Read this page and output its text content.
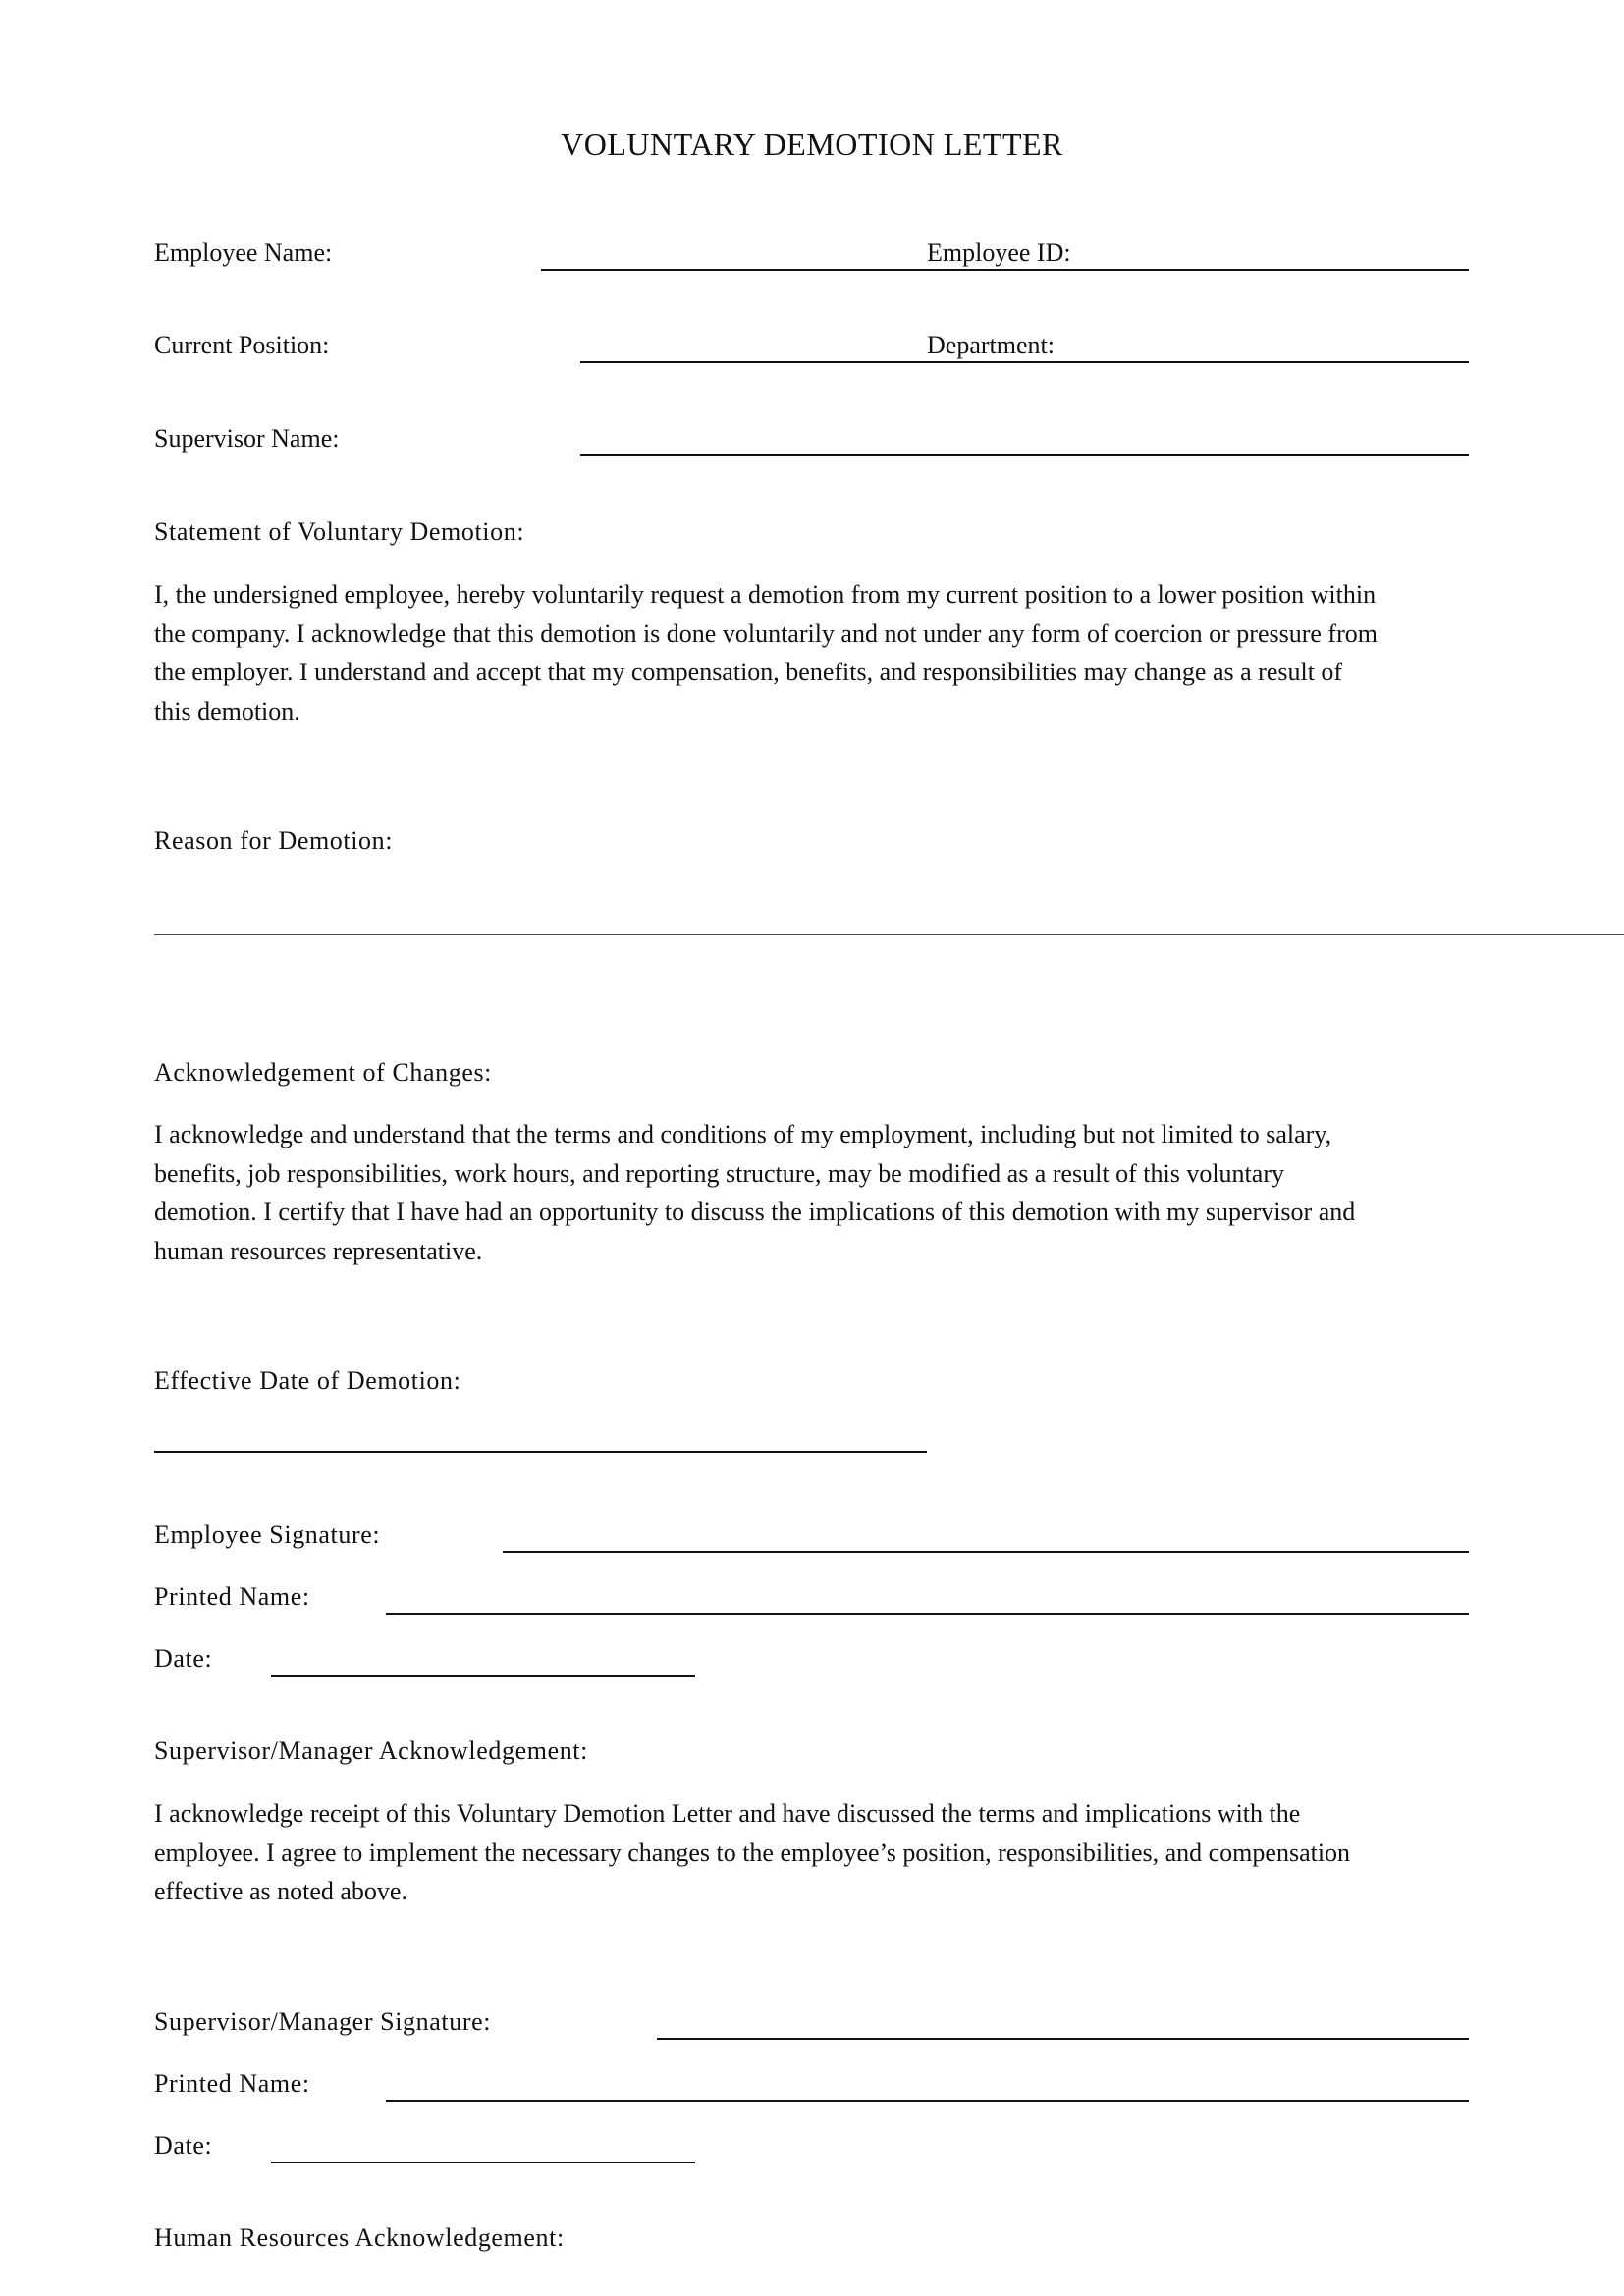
VOLUNTARY DEMOTION LETTER
Employee Name:	Employee ID:
Current Position:	Department:
Supervisor Name:
Statement of Voluntary Demotion:
I, the undersigned employee, hereby voluntarily request a demotion from my current position to a lower position within
the company. I acknowledge that this demotion is done voluntarily and not under any form of coercion or pressure from
the employer. I understand and accept that my compensation, benefits, and responsibilities may change as a result of
this demotion.
Reason for Demotion:
Acknowledgement of Changes:
I acknowledge and understand that the terms and conditions of my employment, including but not limited to salary,
benefits, job responsibilities, work hours, and reporting structure, may be modified as a result of this voluntary
demotion. I certify that I have had an opportunity to discuss the implications of this demotion with my supervisor and
human resources representative.
Effective Date of Demotion:
Employee Signature:
Printed Name:
Date:
Supervisor/Manager Acknowledgement:
I acknowledge receipt of this Voluntary Demotion Letter and have discussed the terms and implications with the
employee. I agree to implement the necessary changes to the employee’s position, responsibilities, and compensation
effective as noted above.
Supervisor/Manager Signature:
Printed Name:
Date:
Human Resources Acknowledgement:
